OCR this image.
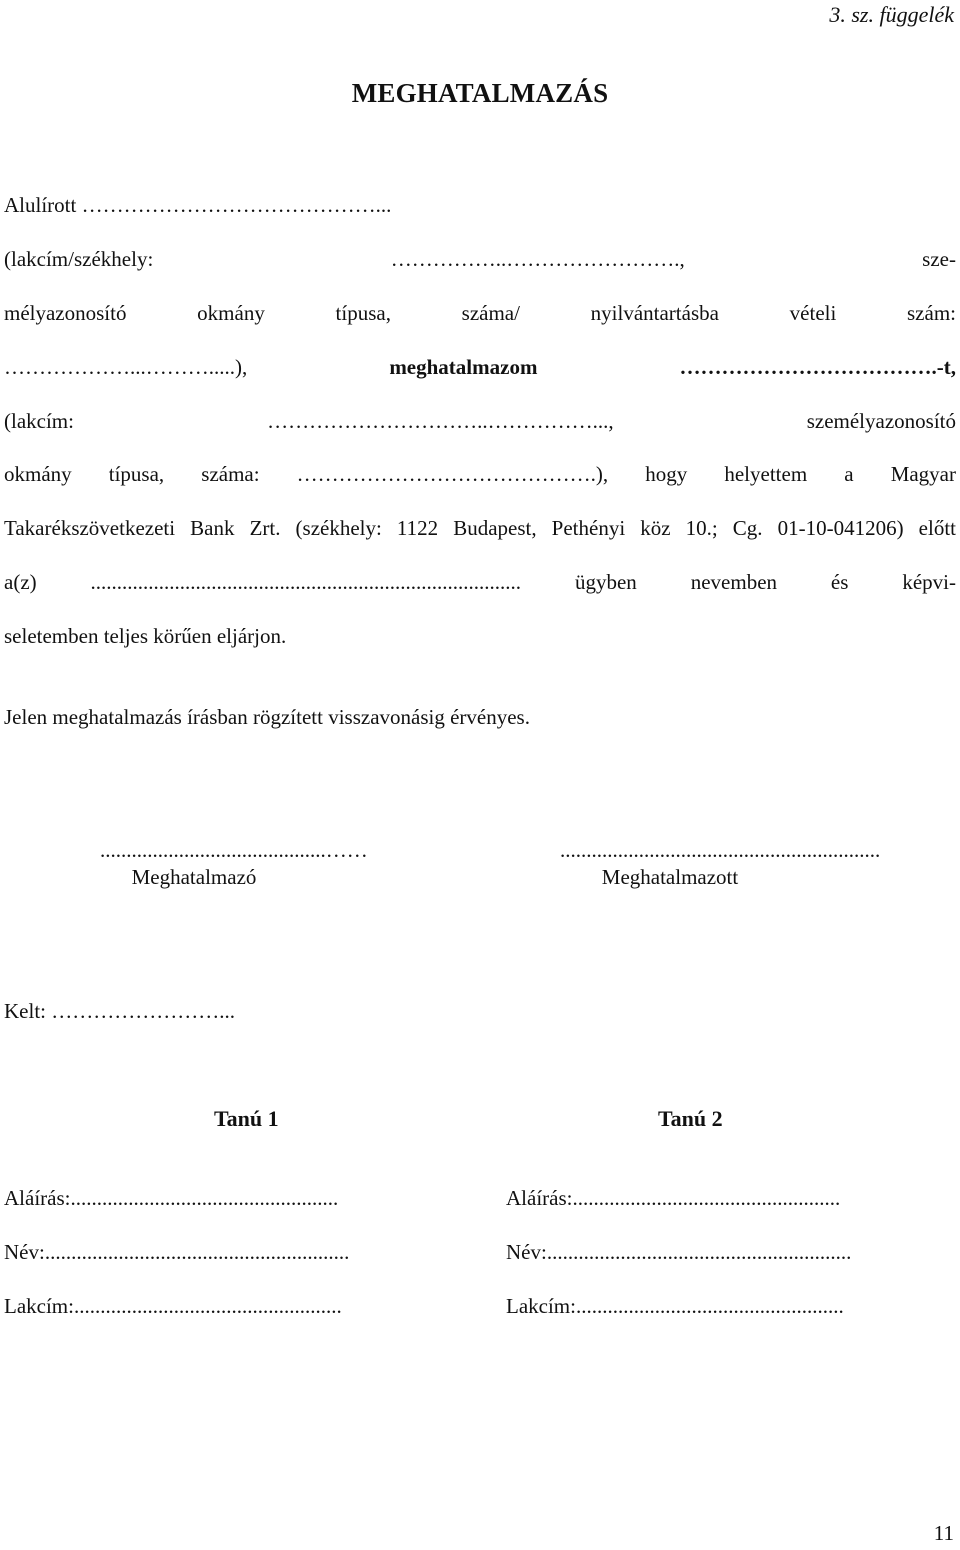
3. sz. függelék
MEGHATALMAZÁS
Alulírott ……………………………………...
(lakcím/székhely: ……………..……………………., sze-
mélyazonosító okmány típusa, száma/ nyilvántartásba vételi szám:
………………...……….....), meghatalmazom ……………………………….-t,
(lakcím: …………………………..……………..., személyazonosító
okmány típusa, száma: …………………………………….), hogy helyettem a Magyar
Takarékszövetkezeti Bank Zrt. (székhely: 1122 Budapest, Pethényi köz 10.; Cg. 01-10-041206) előtt
a(z) .................................................................................. ügyben nevemben és képvi-
seletemben teljes körűen eljárjon.
Jelen meghatalmazás írásban rögzített visszavonásig érvényes.
...........................................……
Meghatalmazó
.............................................................
Meghatalmazott
Kelt: ……………………...
Tanú 1	Tanú 2
Aláírás:...................................................
Név:..........................................................
Lakcím:...................................................
Aláírás:...................................................
Név:..........................................................
Lakcím:...................................................
11
